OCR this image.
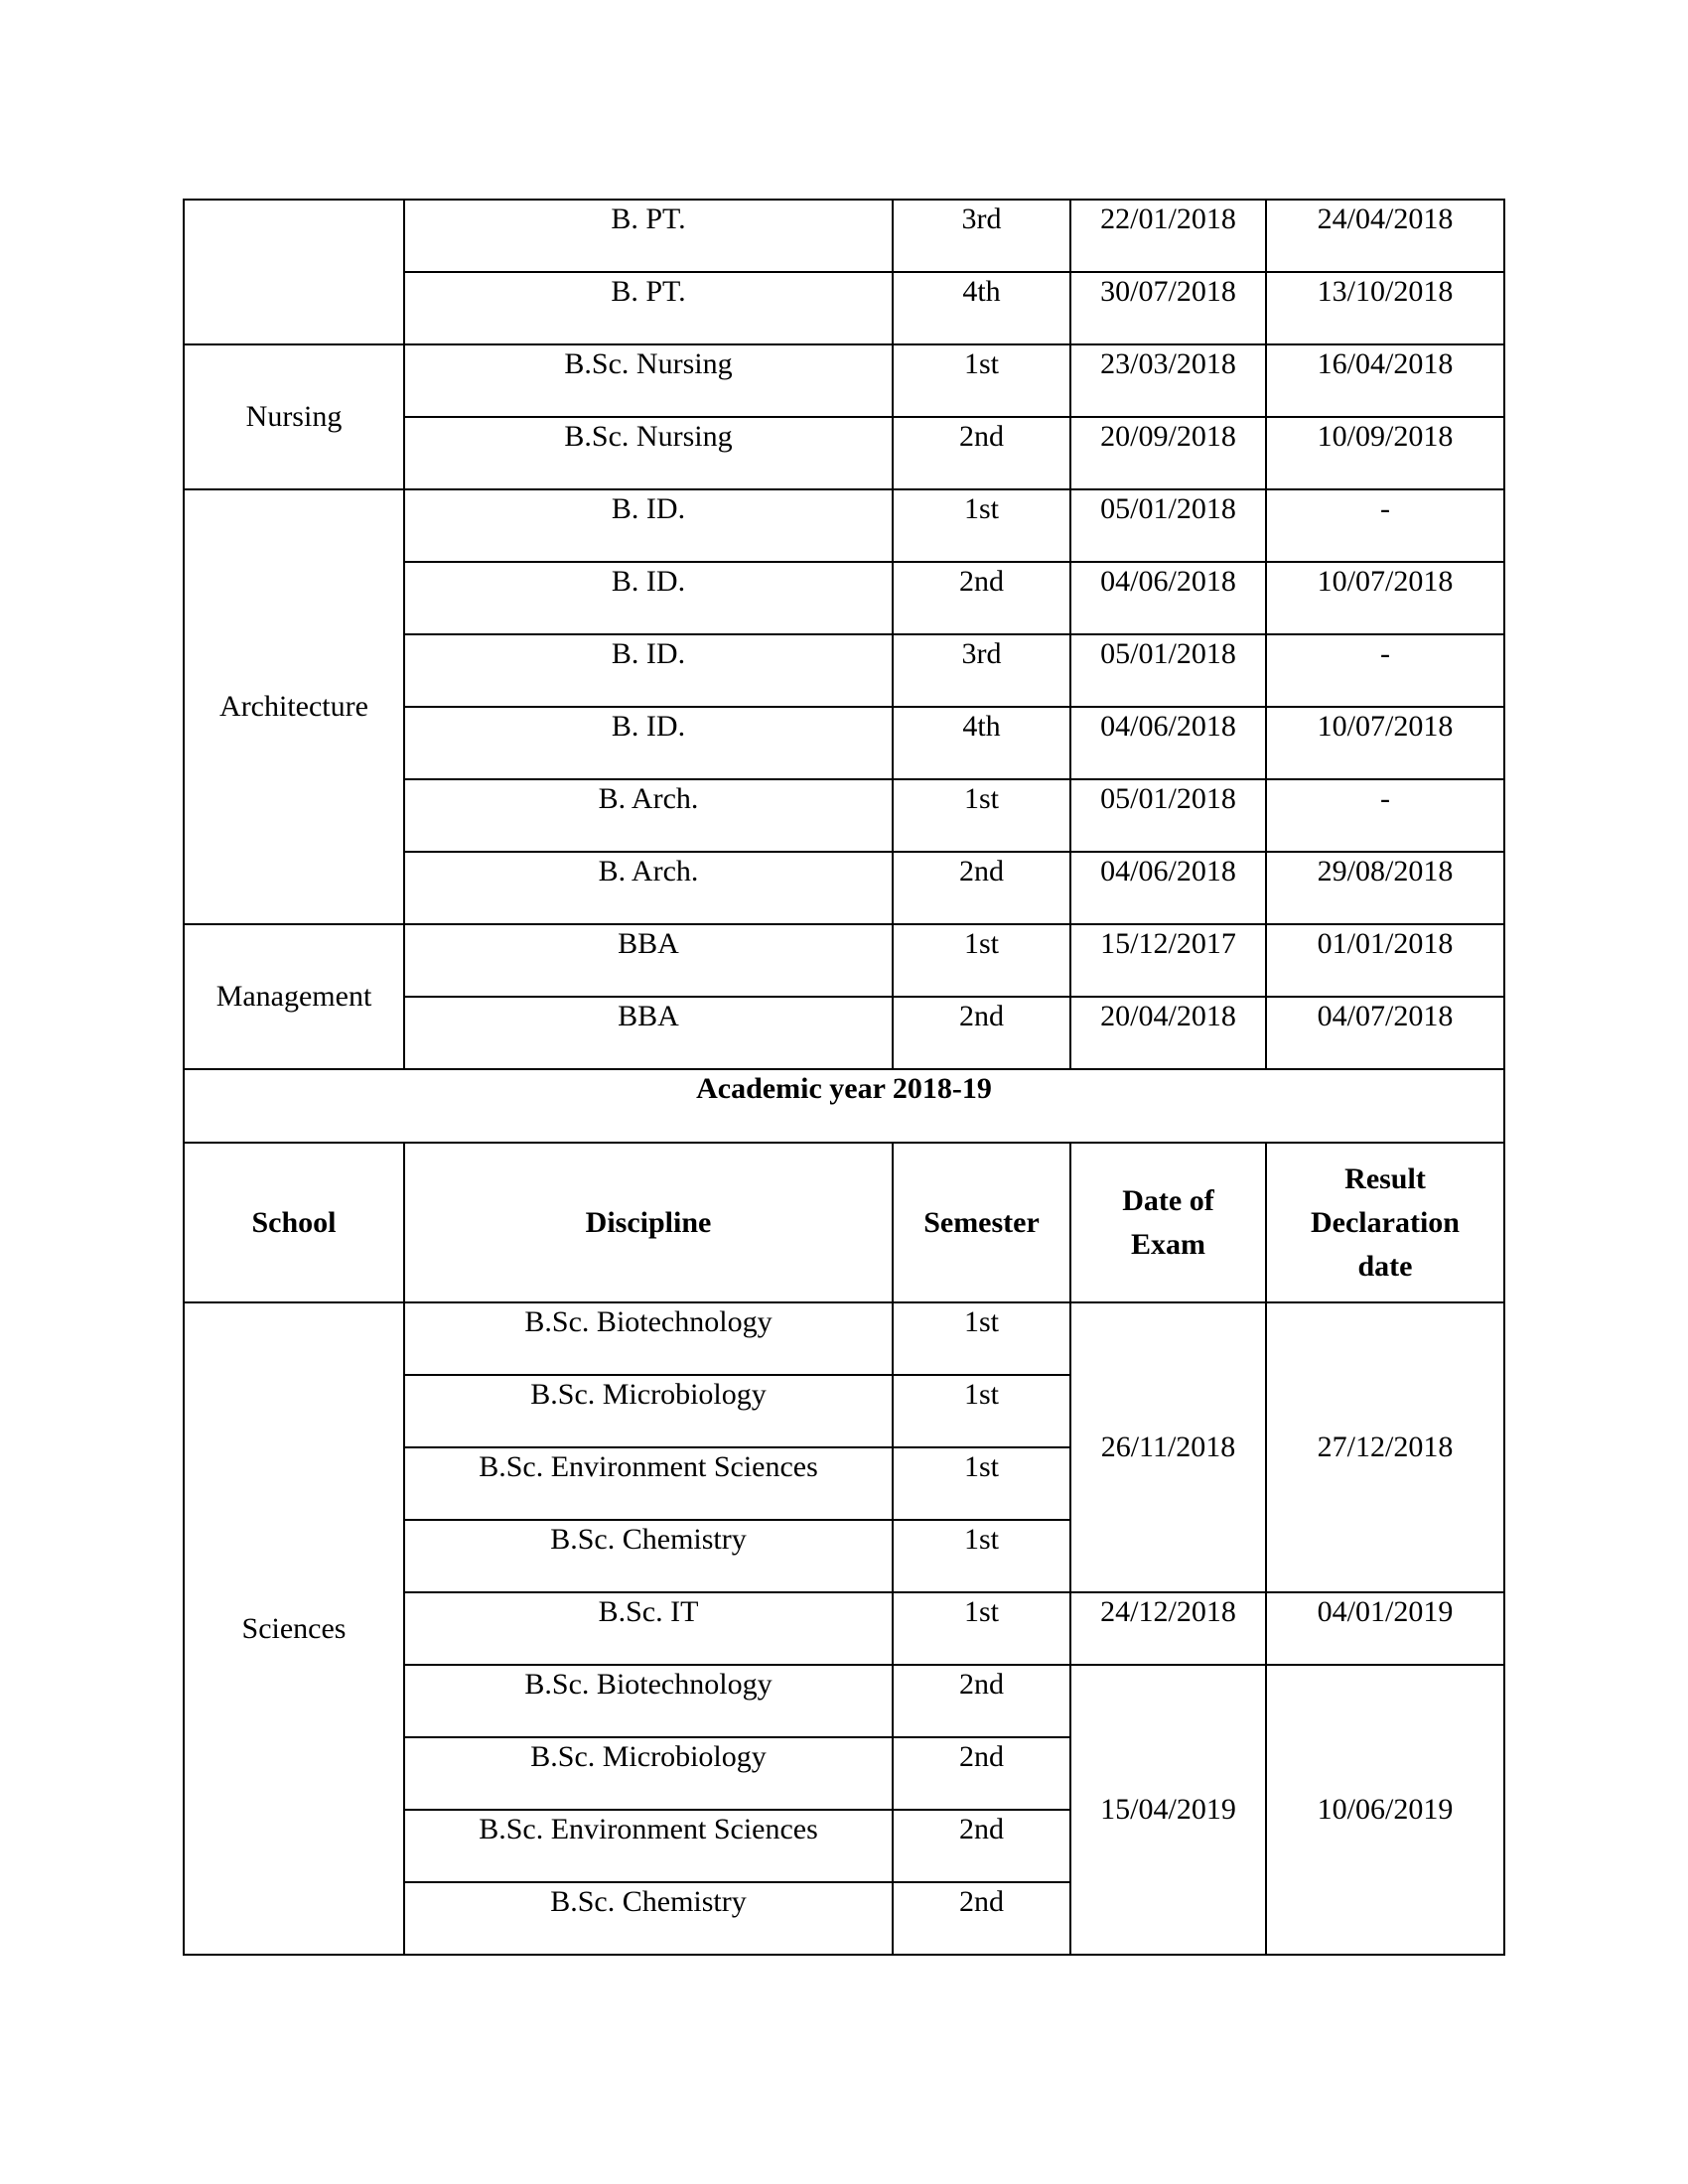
	B. PT.	3rd	22/01/2018	24/04/2018
	B. PT.	4th	30/07/2018	13/10/2018
Nursing	B.Sc. Nursing	1st	23/03/2018	16/04/2018
	B.Sc. Nursing	2nd	20/09/2018	10/09/2018
Architecture	B. ID.	1st	05/01/2018	-
	B. ID.	2nd	04/06/2018	10/07/2018
	B. ID.	3rd	05/01/2018	-
	B. ID.	4th	04/06/2018	10/07/2018
	B. Arch.	1st	05/01/2018	-
	B. Arch.	2nd	04/06/2018	29/08/2018
Management	BBA	1st	15/12/2017	01/01/2018
	BBA	2nd	20/04/2018	04/07/2018
Academic year 2018-19				
School	Discipline	Semester	Date of Exam	Result Declaration date
Sciences	B.Sc. Biotechnology	1st	26/11/2018	27/12/2018
	B.Sc. Microbiology	1st		
	B.Sc. Environment Sciences	1st		
	B.Sc. Chemistry	1st		
	B.Sc. IT	1st	24/12/2018	04/01/2019
	B.Sc. Biotechnology	2nd	15/04/2019	10/06/2019
	B.Sc. Microbiology	2nd		
	B.Sc. Environment Sciences	2nd		
	B.Sc. Chemistry	2nd		
